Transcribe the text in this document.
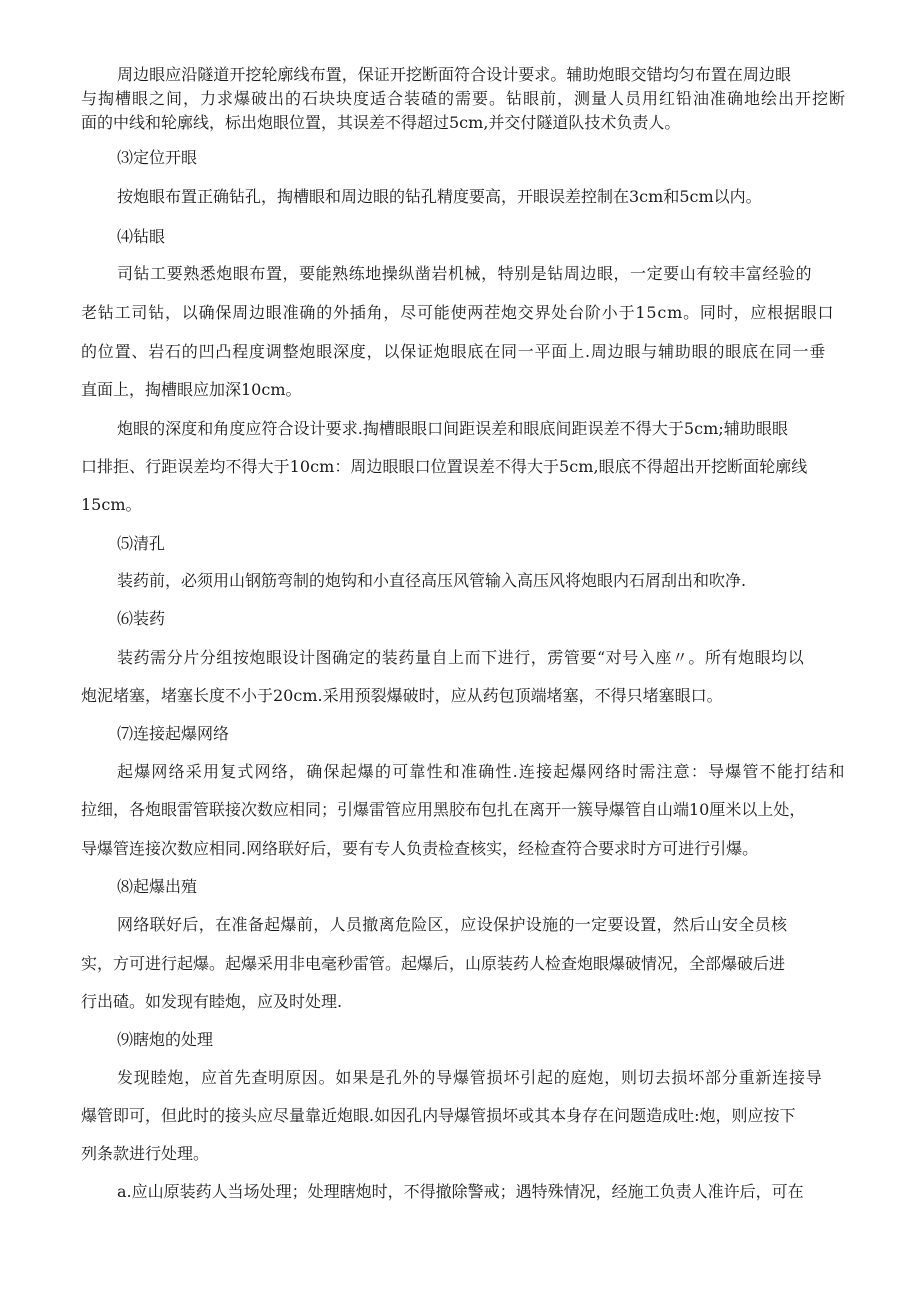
周边眼应沿隧道开挖轮廓线布置，保证开挖断面符合设计要求。辅助炮眼交错均匀布置在周边眼

与掏槽眼之间，力求爆破出的石块块度适合装碴的需要。钻眼前，测量人员用红铅油准确地绘出开挖断

面的中线和轮廓线，标出炮眼位置，其误差不得超过5cm,并交付隧道队技术负责人。

⑶定位开眼

按炮眼布置正确钻孔，掏槽眼和周边眼的钻孔精度要高，开眼误差控制在3cm和5cm以内。

⑷钻眼

司钻工要熟悉炮眼布置，要能熟练地操纵凿岩机械，特别是钻周边眼，一定要山有较丰富经验的

老钻工司钻，以确保周边眼准确的外插角，尽可能使两茬炮交界处台阶小于15cm。同时，应根据眼口

的位置、岩石的凹凸程度调整炮眼深度，以保证炮眼底在同一平面上.周边眼与辅助眼的眼底在同一垂

直面上，掏槽眼应加深10cm。

炮眼的深度和角度应符合设计要求.掏槽眼眼口间距误差和眼底间距误差不得大于5cm;辅助眼眼

口排拒、行距误差均不得大于10cm：周边眼眼口位置误差不得大于5cm,眼底不得超出开挖断面轮廓线

15cm。

⑸清孔

装药前，必须用山钢筋弯制的炮钩和小直径高压风管输入高压风将炮眼内石屑刮出和吹净.

⑹装药

装药需分片分组按炮眼设计图确定的装药量自上而下进行，雳管要“对号入座〃。所有炮眼均以

炮泥堵塞，堵塞长度不小于20cm.采用预裂爆破时，应从药包顶端堵塞，不得只堵塞眼口。

⑺连接起爆网络

起爆网络采用复式网络，确保起爆的可靠性和准确性.连接起爆网络时需注意：导爆管不能打结和

拉细，各炮眼雷管联接次数应相同；引爆雷管应用黑胶布包扎在离开一簇导爆管自山端10厘米以上处，

导爆管连接次数应相同.网络联好后，要有专人负责检查核实，经检查符合要求时方可进行引爆。

⑻起爆出殖

网络联好后，在准备起爆前，人员撤离危险区，应设保护设施的一定要设置，然后山安全员核

实，方可进行起爆。起爆采用非电毫秒雷管。起爆后，山原装药人检查炮眼爆破情况，全部爆破后进

行出碴。如发现有睦炮，应及时处理.

⑼瞎炮的处理

发现睦炮，应首先查明原因。如果是孔外的导爆管损坏引起的庭炮，则切去损坏部分重新连接导

爆管即可，但此时的接头应尽量靠近炮眼.如因孔内导爆管损坏或其本身存在问题造成吐:炮，则应按下

列条款进行处理。

a.应山原装药人当场处理；处理瞎炮时，不得撤除警戒；遇特殊情况，经施工负责人准许后，可在
